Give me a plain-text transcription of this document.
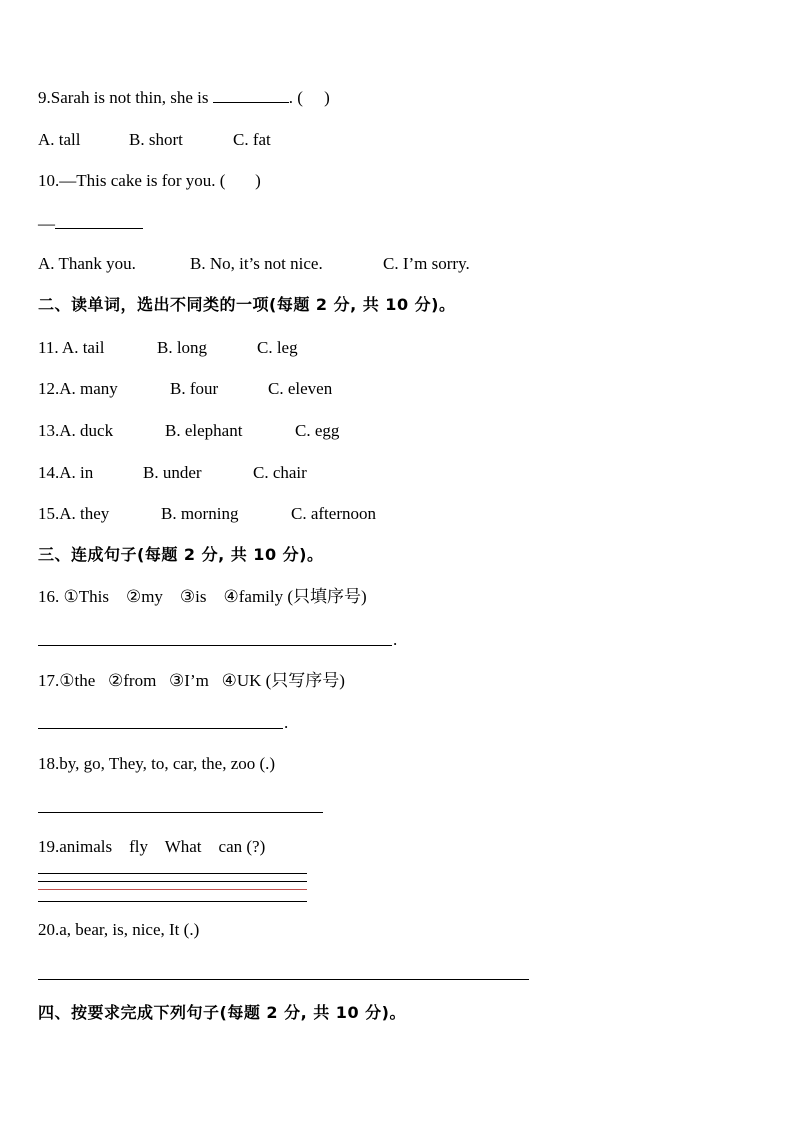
9.Sarah is not thin, she is	. (     )
A. tall	B. short	C. fat
10.—This cake is for you. (       )
—
A. Thank you.	B. No, it’s not nice.	C. I’m sorry.
二、读单词，选出不同类的一项(每题 2 分, 共 10 分)。
11. A. tail	B. long	C. leg
12.A. many	B. four	C. eleven
13.A. duck	B. elephant	C. egg
14.A. in	B. under	C. chair
15.A. they	B. morning	C. afternoon
三、连成句子(每题 2 分, 共 10 分)。
16. ①This    ②my    ③is    ④family (只填序号)
.
17.①the   ②from   ③I’m   ④UK (只写序号)
.
18.by, go, They, to, car, the, zoo (.)
19.animals    fly    What    can (?)
20.a, bear, is, nice, It (.)
四、按要求完成下列句子(每题 2 分, 共 10 分)。
